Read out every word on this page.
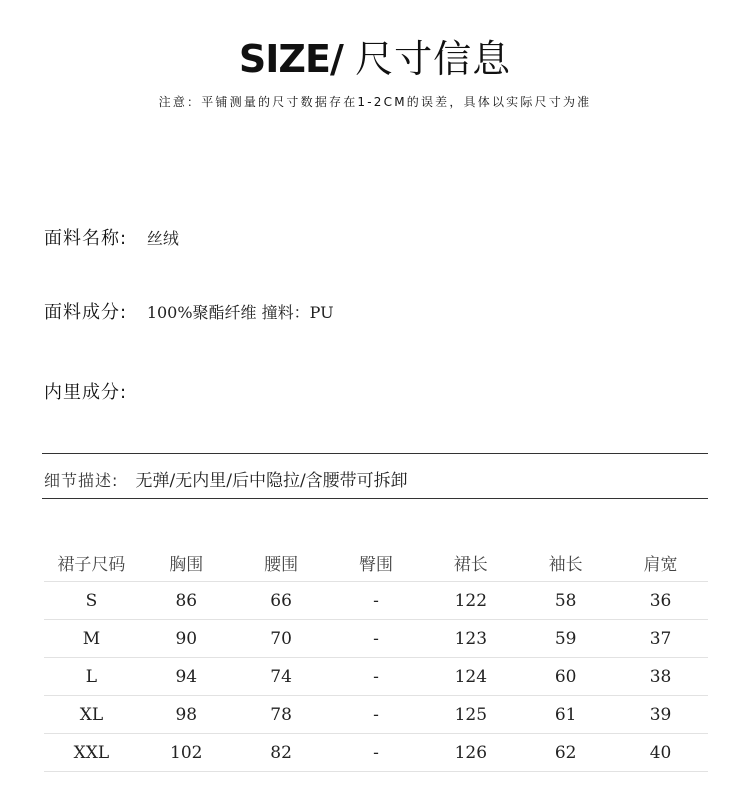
SIZE/ 尺寸信息
注意：平铺测量的尺寸数据存在1-2CM的误差，具体以实际尺寸为准
面料名称: 丝绒
面料成分: 100%聚酯纤维 撞料：PU
内里成分:
细节描述: 无弹/无内里/后中隐拉/含腰带可拆卸
裙子尺码	胸围	腰围	臀围	裙长	袖长	肩宽
S	86	66	-	122	58	36
M	90	70	-	123	59	37
L	94	74	-	124	60	38
XL	98	78	-	125	61	39
XXL	102	82	-	126	62	40
